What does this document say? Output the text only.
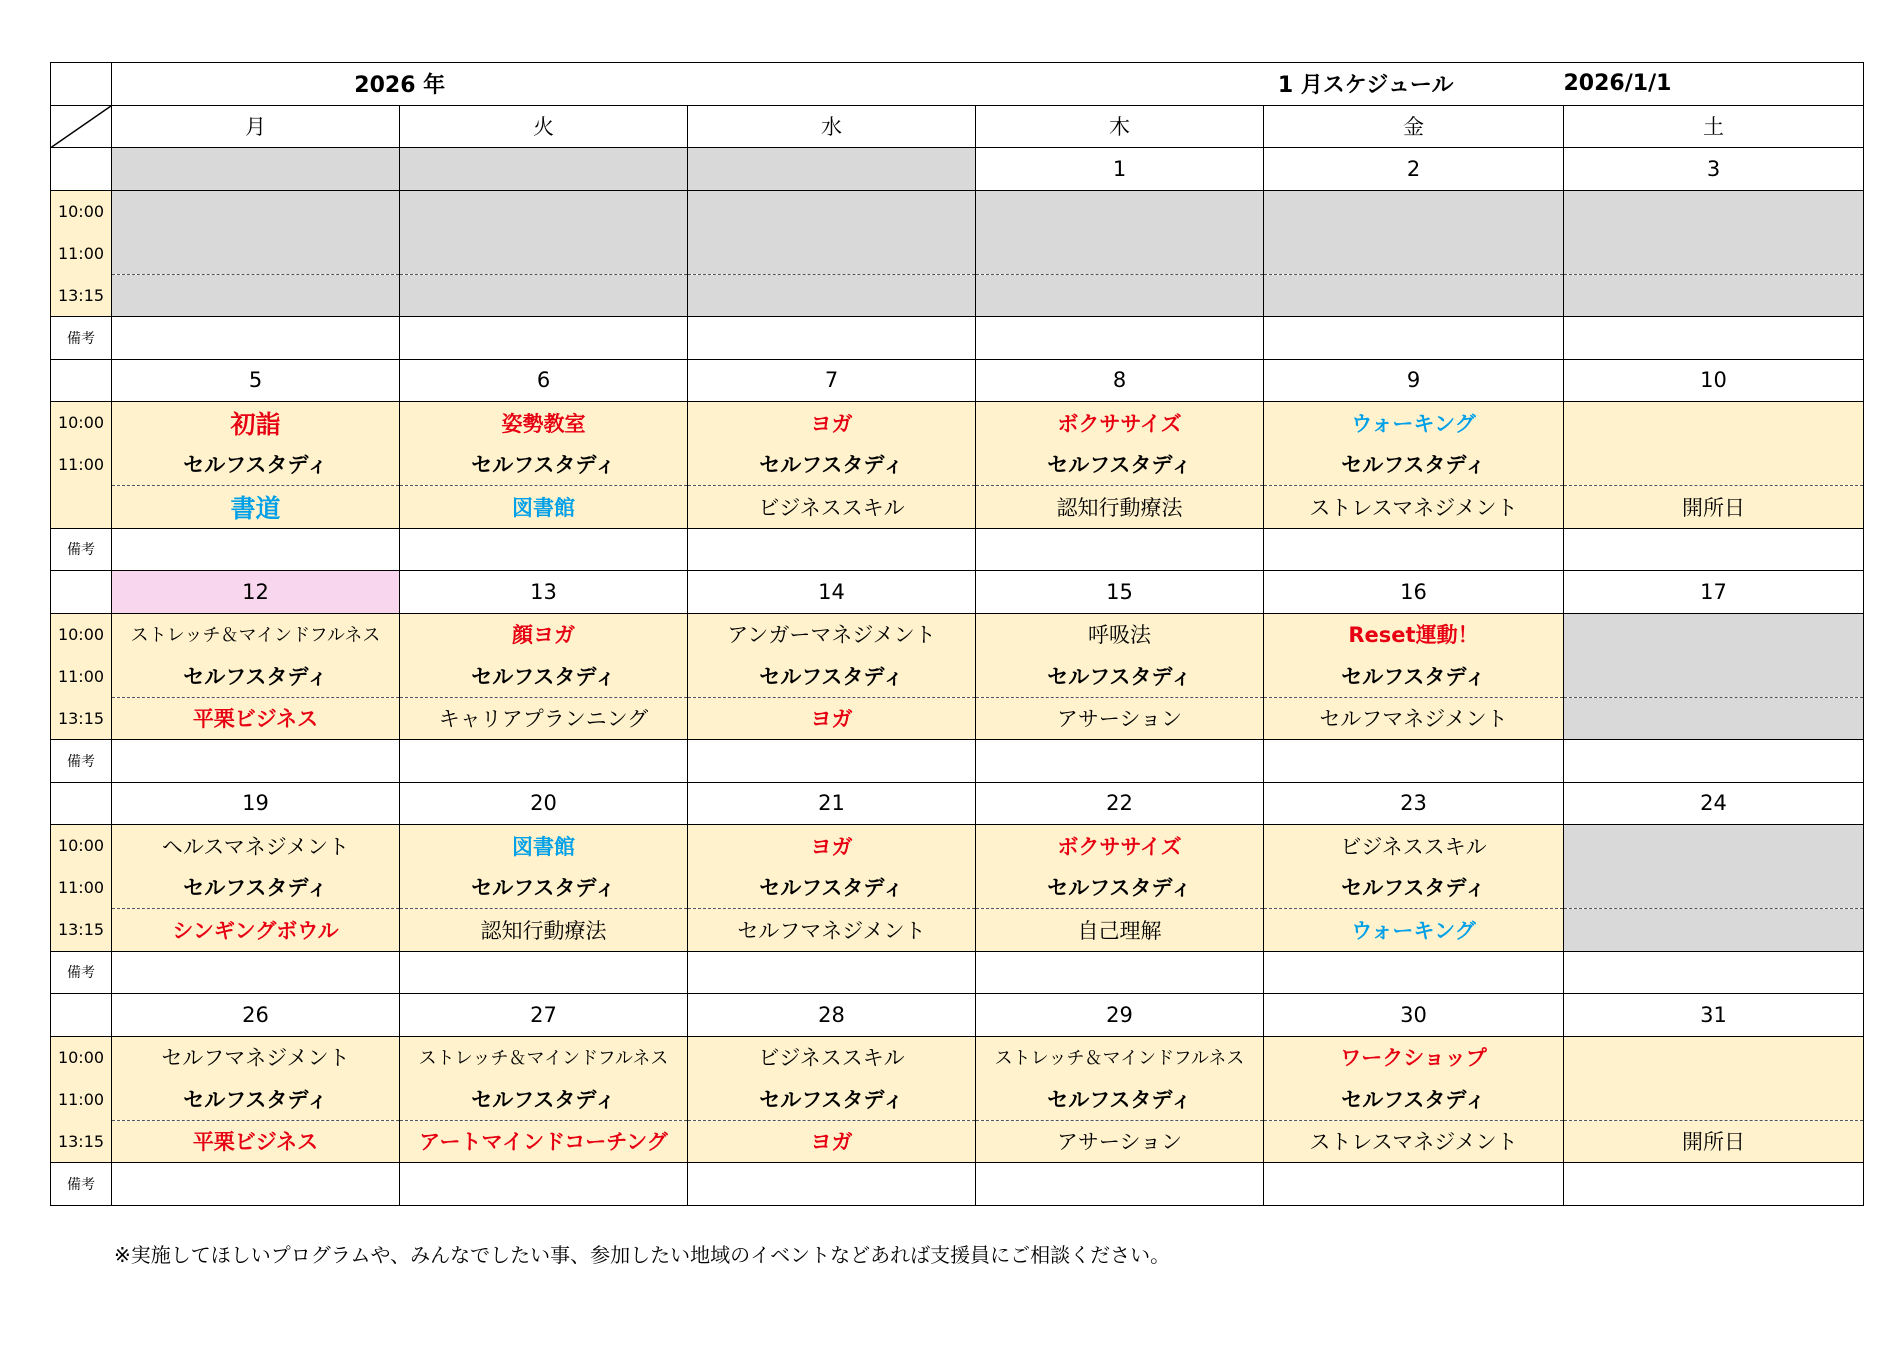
	2026 年		1 月スケジュール			2026/1/1

	月	火	水	木	金	土
				1	2	3
10:00						
11:00						
13:15						
備考						
	5	6	7	8	9	10
10:00	初詣	姿勢教室	ヨガ	ボクササイズ	ウォーキング	
11:00	セルフスタディ	セルフスタディ	セルフスタディ	セルフスタディ	セルフスタディ	
	書道	図書館	ビジネススキル	認知行動療法	ストレスマネジメント	開所日
備考						
	12	13	14	15	16	17
10:00	ストレッチ＆マインドフルネス	顔ヨガ	アンガーマネジメント	呼吸法	Reset運動！	
11:00	セルフスタディ	セルフスタディ	セルフスタディ	セルフスタディ	セルフスタディ	
13:15	平栗ビジネス	キャリアプランニング	ヨガ	アサーション	セルフマネジメント	
備考						
	19	20	21	22	23	24
10:00	ヘルスマネジメント	図書館	ヨガ	ボクササイズ	ビジネススキル	
11:00	セルフスタディ	セルフスタディ	セルフスタディ	セルフスタディ	セルフスタディ	
13:15	シンギングボウル	認知行動療法	セルフマネジメント	自己理解	ウォーキング	
備考						
	26	27	28	29	30	31
10:00	セルフマネジメント	ストレッチ＆マインドフルネス	ビジネススキル	ストレッチ＆マインドフルネス	ワークショップ	
11:00	セルフスタディ	セルフスタディ	セルフスタディ	セルフスタディ	セルフスタディ	
13:15	平栗ビジネス	アートマインドコーチング	ヨガ	アサーション	ストレスマネジメント	開所日
備考						
※実施してほしいプログラムや、みんなでしたい事、参加したい地域のイベントなどあれば支援員にご相談ください。
